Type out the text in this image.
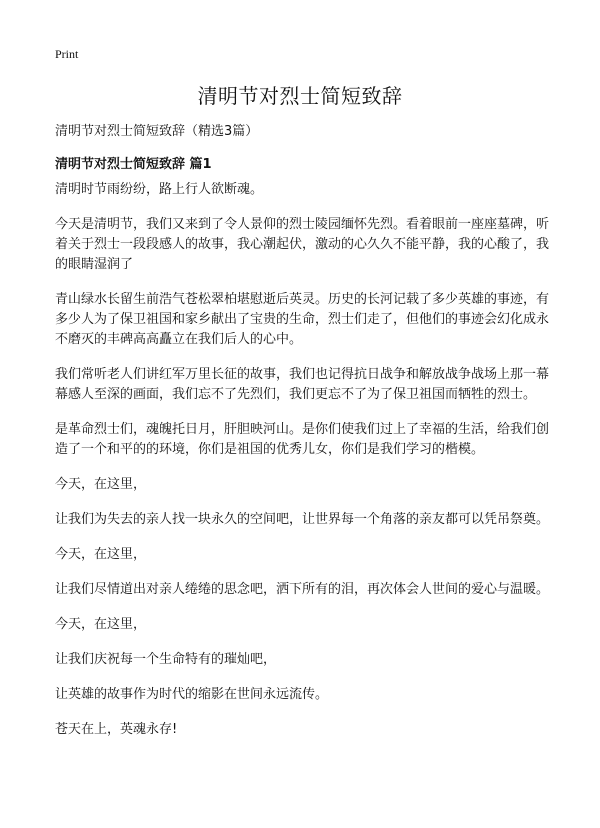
Print
清明节对烈士简短致辞
清明节对烈士简短致辞（精选3篇）
清明节对烈士简短致辞 篇1

清明时节雨纷纷，路上行人欲断魂。

今天是清明节，我们又来到了令人景仰的烈士陵园缅怀先烈。看着眼前一座座墓碑，听着关于烈士一段段感人的故事，我心潮起伏，激动的心久久不能平静，我的心酸了，我的眼睛湿润了

青山绿水长留生前浩气苍松翠柏堪慰逝后英灵。历史的长河记载了多少英雄的事迹，有多少人为了保卫祖国和家乡献出了宝贵的生命，烈士们走了，但他们的事迹会幻化成永不磨灭的丰碑高高矗立在我们后人的心中。

我们常听老人们讲红军万里长征的故事，我们也记得抗日战争和解放战争战场上那一幕幕感人至深的画面，我们忘不了先烈们，我们更忘不了为了保卫祖国而牺牲的烈士。

是革命烈士们，魂魄托日月，肝胆映河山。是你们使我们过上了幸福的生活，给我们创造了一个和平的的环境，你们是祖国的优秀儿女，你们是我们学习的楷模。

今天，在这里，

让我们为失去的亲人找一块永久的空间吧，让世界每一个角落的亲友都可以凭吊祭奠。

今天，在这里，

让我们尽情道出对亲人绻绻的思念吧，洒下所有的泪，再次体会人世间的爱心与温暖。

今天，在这里，

让我们庆祝每一个生命特有的璀灿吧，

让英雄的故事作为时代的缩影在世间永远流传。

苍天在上，英魂永存!
